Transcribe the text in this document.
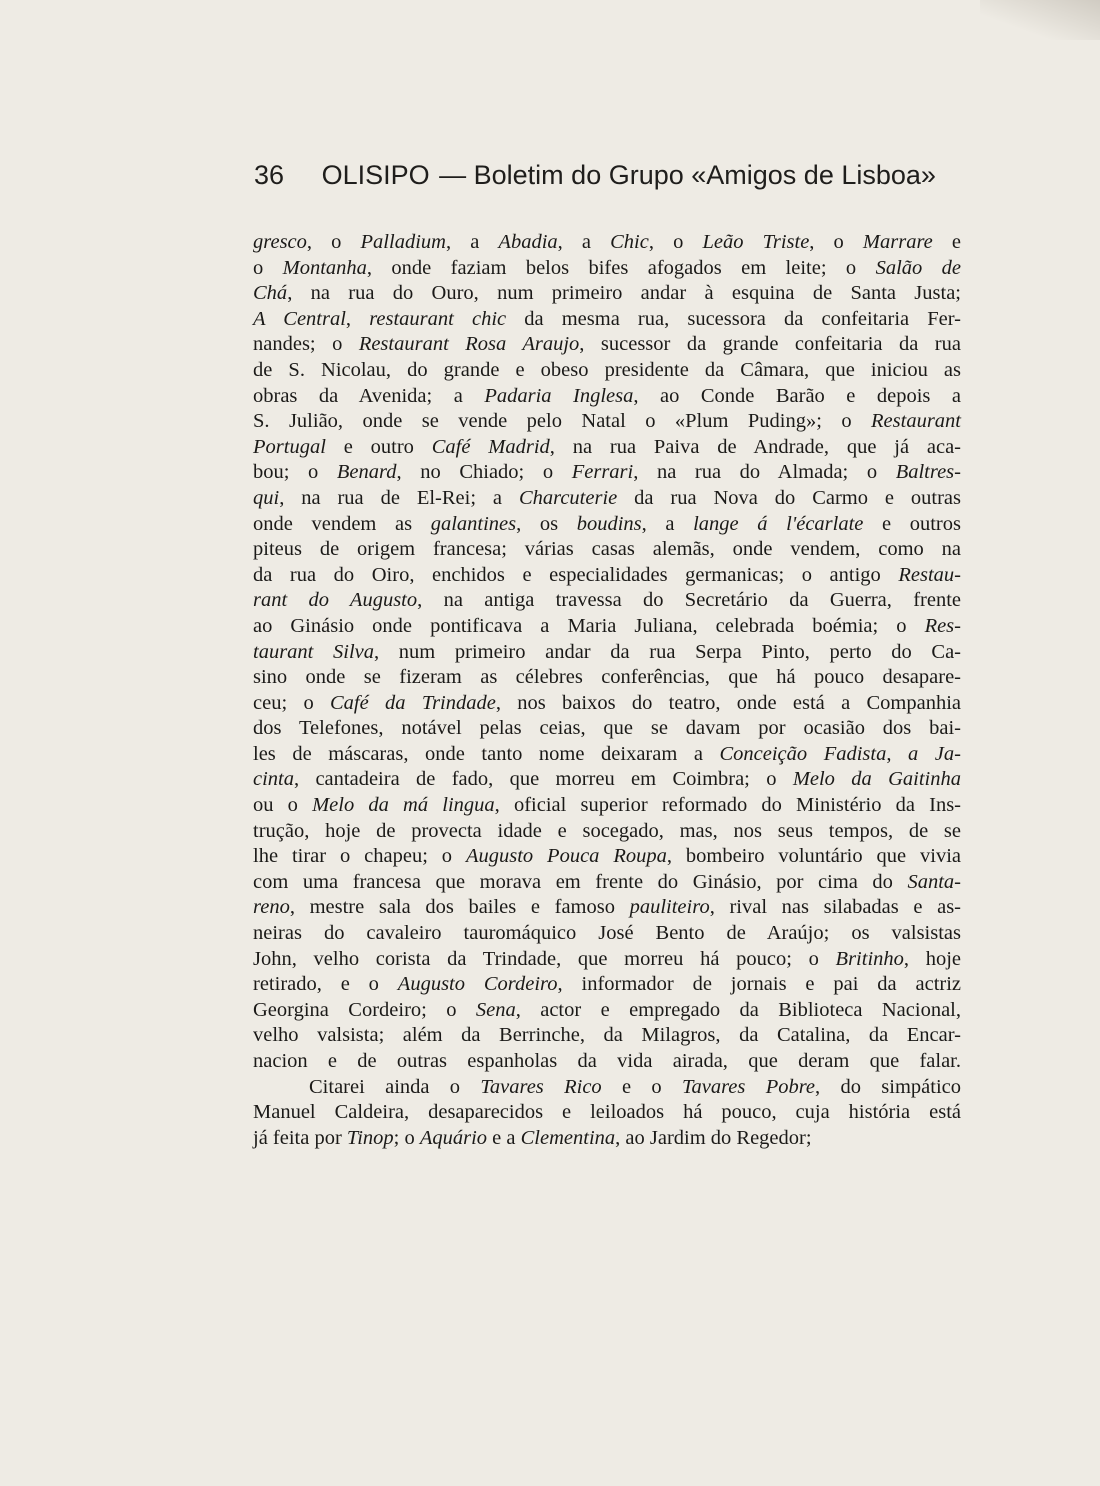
36 OLISIPO — Boletim do Grupo «Amigos de Lisboa»
gresco, o Palladium, a Abadia, a Chic, o Leão Triste, o Marrare e
o Montanha, onde faziam belos bifes afogados em leite; o Salão de
Chá, na rua do Ouro, num primeiro andar à esquina de Santa Justa;
A Central, restaurant chic da mesma rua, sucessora da confeitaria Fer-
nandes; o Restaurant Rosa Araujo, sucessor da grande confeitaria da rua
de S. Nicolau, do grande e obeso presidente da Câmara, que iniciou as
obras da Avenida; a Padaria Inglesa, ao Conde Barão e depois a
S. Julião, onde se vende pelo Natal o «Plum Puding»; o Restaurant
Portugal e outro Café Madrid, na rua Paiva de Andrade, que já aca-
bou; o Benard, no Chiado; o Ferrari, na rua do Almada; o Baltres-
qui, na rua de El-Rei; a Charcuterie da rua Nova do Carmo e outras
onde vendem as galantines, os boudins, a lange á l'écarlate e outros
piteus de origem francesa; várias casas alemãs, onde vendem, como na
da rua do Oiro, enchidos e especialidades germanicas; o antigo Restau-
rant do Augusto, na antiga travessa do Secretário da Guerra, frente
ao Ginásio onde pontificava a Maria Juliana, celebrada boémia; o Res-
taurant Silva, num primeiro andar da rua Serpa Pinto, perto do Ca-
sino onde se fizeram as célebres conferências, que há pouco desapare-
ceu; o Café da Trindade, nos baixos do teatro, onde está a Companhia
dos Telefones, notável pelas ceias, que se davam por ocasião dos bai-
les de máscaras, onde tanto nome deixaram a Conceição Fadista, a Ja-
cinta, cantadeira de fado, que morreu em Coimbra; o Melo da Gaitinha
ou o Melo da má lingua, oficial superior reformado do Ministério da Ins-
trução, hoje de provecta idade e socegado, mas, nos seus tempos, de se
lhe tirar o chapeu; o Augusto Pouca Roupa, bombeiro voluntário que vivia
com uma francesa que morava em frente do Ginásio, por cima do Santa-
reno, mestre sala dos bailes e famoso pauliteiro, rival nas silabadas e as-
neiras do cavaleiro tauromáquico José Bento de Araújo; os valsistas
John, velho corista da Trindade, que morreu há pouco; o Britinho, hoje
retirado, e o Augusto Cordeiro, informador de jornais e pai da actriz
Georgina Cordeiro; o Sena, actor e empregado da Biblioteca Nacional,
velho valsista; além da Berrinche, da Milagros, da Catalina, da Encar-
nacion e de outras espanholas da vida airada, que deram que falar.
Citarei ainda o Tavares Rico e o Tavares Pobre, do simpático
Manuel Caldeira, desaparecidos e leiloados há pouco, cuja história está
já feita por Tinop; o Aquário e a Clementina, ao Jardim do Regedor;
